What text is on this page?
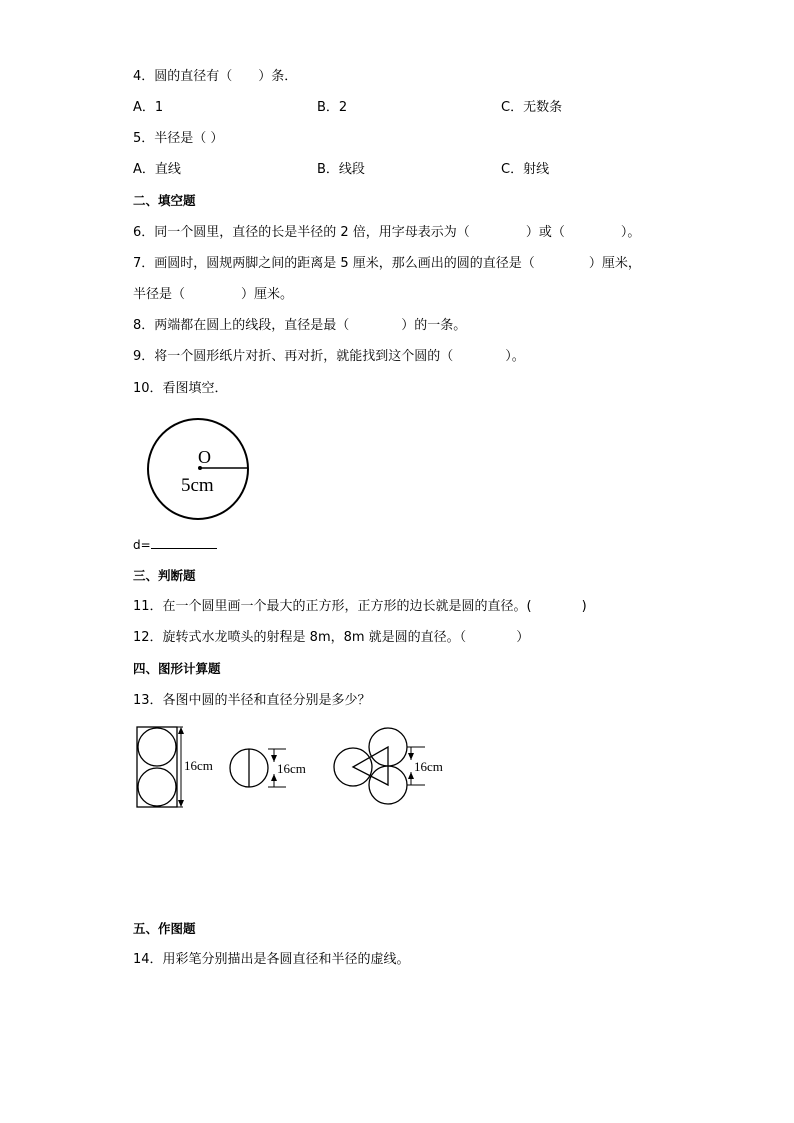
4．圆的直径有（　　）条．
A．1	B．2	C．无数条
5．半径是（ ）
A．直线	B．线段	C．射线
二、填空题
6．同一个圆里，直径的长是半径的 2 倍，用字母表示为（	）或（	）。
7．画圆时，圆规两脚之间的距离是 5 厘米，那么画出的圆的直径是（	）厘米，
半径是（	）厘米。
8．两端都在圆上的线段，直径是最（	）的一条。
9．将一个圆形纸片对折、再对折，就能找到这个圆的（	）。
10．看图填空．
O
5cm
d=
三、判断题
11．在一个圆里画一个最大的正方形，正方形的边长就是圆的直径。(	)
12．旋转式水龙喷头的射程是 8m，8m 就是圆的直径。（	）
四、图形计算题
13．各图中圆的半径和直径分别是多少？
16cm	16cm	16cm
五、作图题
14．用彩笔分别描出是各圆直径和半径的虚线。
